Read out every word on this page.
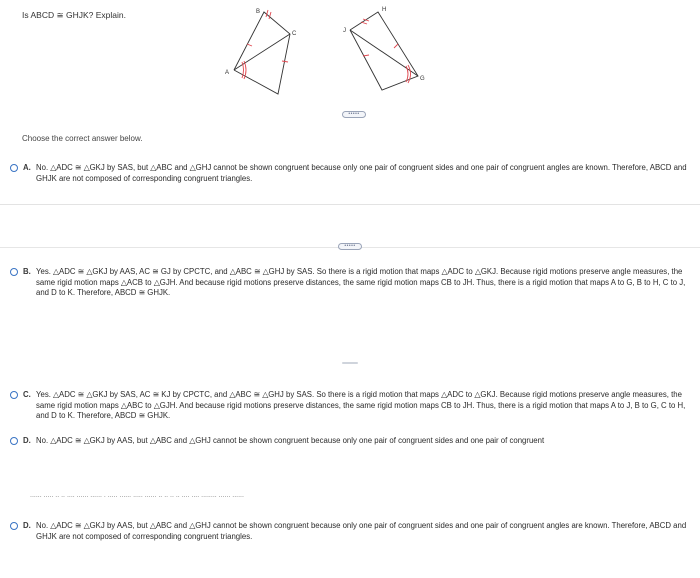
Is ABCD ≅ GHJK? Explain.	B
C
A
H
J
G
•••••
Choose the correct answer below.
A. No. △ADC ≅ △GKJ by SAS, but △ABC and △GHJ cannot be shown congruent because only one pair of congruent sides and one pair of congruent angles are known. Therefore, ABCD and GHJK are not composed of corresponding congruent triangles.
•••••
B. Yes. △ADC ≅ △GKJ by AAS, AC ≅ GJ by CPCTC, and △ABC ≅ △GHJ by SAS. So there is a rigid motion that maps △ADC to △GKJ. Because rigid motions preserve angle measures, the same rigid motion maps △ACB to △GJH. And because rigid motions preserve distances, the same rigid motion maps CB to JH. Thus, there is a rigid motion that maps A to G, B to H, C to J, and D to K. Therefore, ABCD ≅ GHJK.
C. Yes. △ADC ≅ △GKJ by SAS, AC ≅ KJ by CPCTC, and △ABC ≅ △GHJ by SAS. So there is a rigid motion that maps △ADC to △GKJ. Because rigid motions preserve angle measures, the same rigid motion maps △ABC to △GJH. And because rigid motions preserve distances, the same rigid motion maps CB to JH. Thus, there is a rigid motion that maps A to J, B to G, C to H, and D to K. Therefore, ABCD ≅ GHJK.
D. No. △ADC ≅ △GKJ by AAS, but △ABC and △GHJ cannot be shown congruent because only one pair of congruent sides and one pair of congruent
...... ..... .. .. .... ...... ...... . ..... ...... ..... ...... .. .. .. .. .... .... ........ ...... ......
D. No. △ADC ≅ △GKJ by AAS, but △ABC and △GHJ cannot be shown congruent because only one pair of congruent sides and one pair of congruent angles are known. Therefore, ABCD and GHJK are not composed of corresponding congruent triangles.
